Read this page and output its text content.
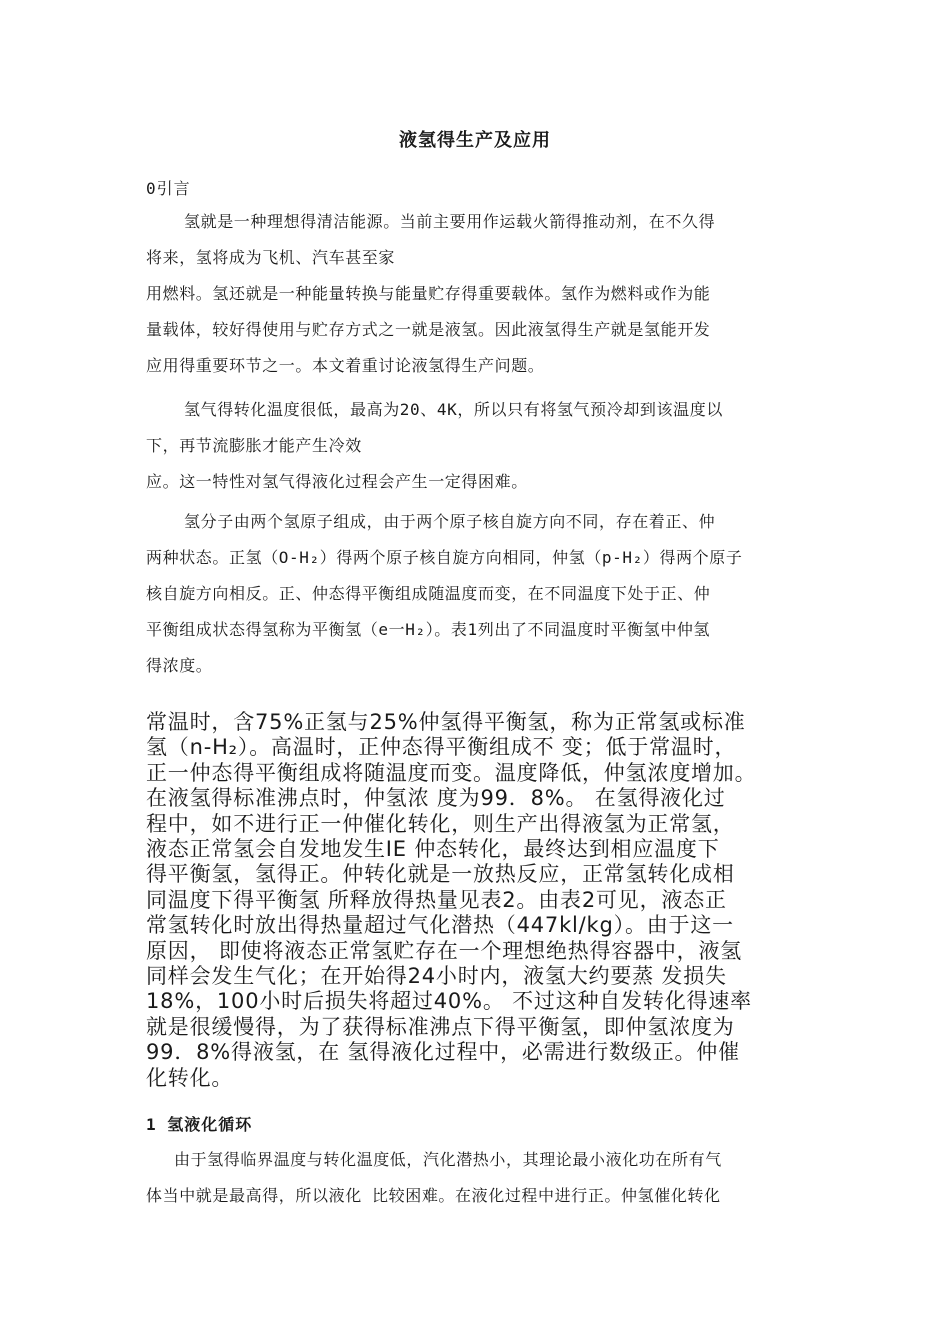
液氢得生产及应用
0引言
氢就是一种理想得清洁能源。当前主要用作运载火箭得推动剂，在不久得
将来，氢将成为飞机、汽车甚至家
用燃料。氢还就是一种能量转换与能量贮存得重要载体。氢作为燃料或作为能
量载体，较好得使用与贮存方式之一就是液氢。因此液氢得生产就是氢能开发
应用得重要环节之一。本文着重讨论液氢得生产问题。
氢气得转化温度很低，最高为20、4K，所以只有将氢气预冷却到该温度以
下，再节流膨胀才能产生冷效
应。这一特性对氢气得液化过程会产生一定得困难。
氢分子由两个氢原子组成，由于两个原子核自旋方向不同，存在着正、仲
两种状态。正氢（O-H₂）得两个原子核自旋方向相同，仲氢（p-H₂）得两个原子
核自旋方向相反。正、仲态得平衡组成随温度而变，在不同温度下处于正、仲
平衡组成状态得氢称为平衡氢（e一H₂）。表1列出了不同温度时平衡氢中仲氢
得浓度。
常温时，含75%正氢与25%仲氢得平衡氢，称为正常氢或标准
氢（n-H₂）。高温时，正仲态得平衡组成不 变；低于常温时，
正一仲态得平衡组成将随温度而变。温度降低，仲氢浓度增加。
在液氢得标准沸点时，仲氢浓 度为99．8%。 在氢得液化过
程中，如不进行正一仲催化转化，则生产出得液氢为正常氢，
液态正常氢会自发地发生IE 仲态转化，最终达到相应温度下
得平衡氢，氢得正。仲转化就是一放热反应，正常氢转化成相
同温度下得平衡氢 所释放得热量见表2。由表2可见，液态正
常氢转化时放出得热量超过气化潜热（447kl/kg）。由于这一
原因， 即使将液态正常氢贮存在一个理想绝热得容器中，液氢
同样会发生气化；在开始得24小时内，液氢大约要蒸 发损失
18%，100小时后损失将超过40%。 不过这种自发转化得速率
就是很缓慢得，为了获得标准沸点下得平衡氢，即仲氢浓度为
99．8%得液氢，在 氢得液化过程中，必需进行数级正。仲催
化转化。
1 氢液化循环
由于氢得临界温度与转化温度低，汽化潜热小，其理论最小液化功在所有气
体当中就是最高得，所以液化 比较困难。在液化过程中进行正。仲氢催化转化
